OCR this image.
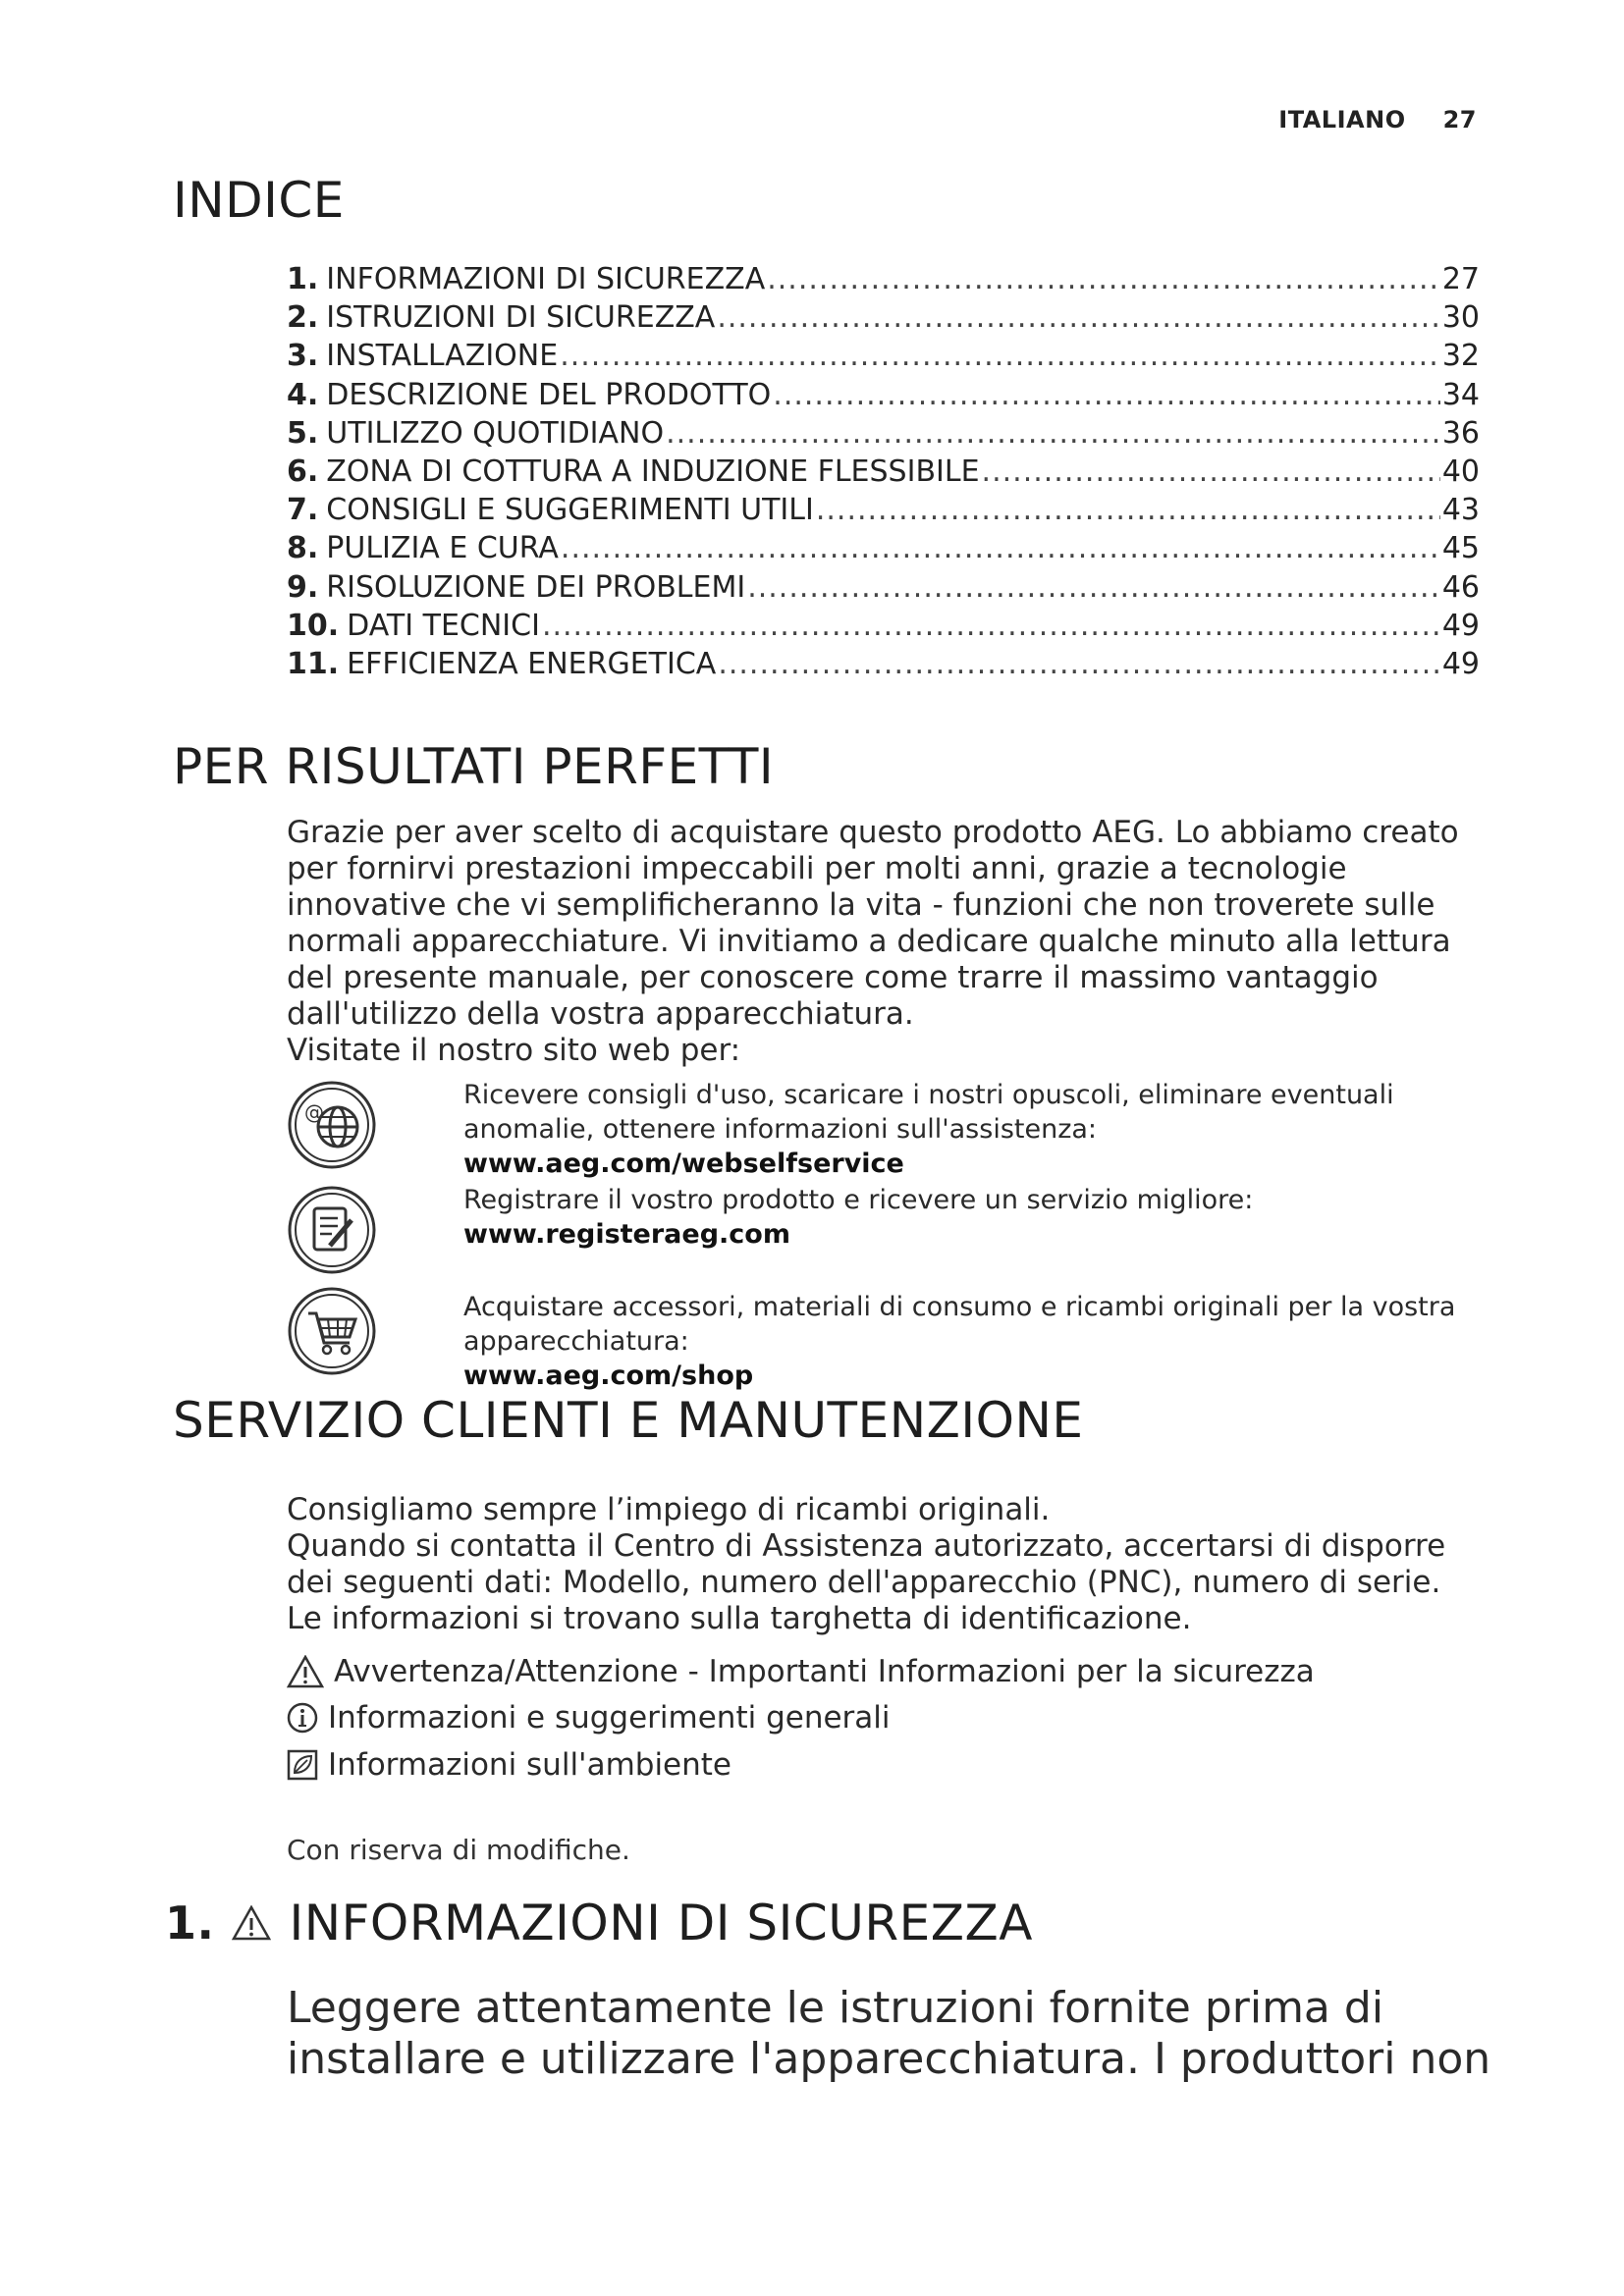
ITALIANO 27
INDICE
1. INFORMAZIONI DI SICUREZZA .....	27
2. ISTRUZIONI DI SICUREZZA .....	30
3. INSTALLAZIONE .....	32
4. DESCRIZIONE DEL PRODOTTO .....	34
5. UTILIZZO QUOTIDIANO .....	36
6. ZONA DI COTTURA A INDUZIONE FLESSIBILE .....	40
7. CONSIGLI E SUGGERIMENTI UTILI .....	43
8. PULIZIA E CURA .....	45
9. RISOLUZIONE DEI PROBLEMI .....	46
10. DATI TECNICI .....	49
11. EFFICIENZA ENERGETICA .....	49
PER RISULTATI PERFETTI
Grazie per aver scelto di acquistare questo prodotto AEG. Lo abbiamo creato per fornirvi prestazioni impeccabili per molti anni, grazie a tecnologie innovative che vi semplificheranno la vita - funzioni che non troverete sulle normali apparecchiature. Vi invitiamo a dedicare qualche minuto alla lettura del presente manuale, per conoscere come trarre il massimo vantaggio dall'utilizzo della vostra apparecchiatura.
Visitate il nostro sito web per:
@
Ricevere consigli d'uso, scaricare i nostri opuscoli, eliminare eventuali anomalie, ottenere informazioni sull'assistenza:
www.aeg.com/webselfservice
Registrare il vostro prodotto e ricevere un servizio migliore:
www.registeraeg.com
Acquistare accessori, materiali di consumo e ricambi originali per la vostra apparecchiatura:
www.aeg.com/shop
SERVIZIO CLIENTI E MANUTENZIONE
Consigliamo sempre l’impiego di ricambi originali.
Quando si contatta il Centro di Assistenza autorizzato, accertarsi di disporre dei seguenti dati: Modello, numero dell'apparecchio (PNC), numero di serie.
Le informazioni si trovano sulla targhetta di identificazione.
Avvertenza/Attenzione - Importanti Informazioni per la sicurezza
Informazioni e suggerimenti generali
Informazioni sull'ambiente
Con riserva di modifiche.
1. INFORMAZIONI DI SICUREZZA
Leggere attentamente le istruzioni fornite prima di installare e utilizzare l'apparecchiatura. I produttori non
